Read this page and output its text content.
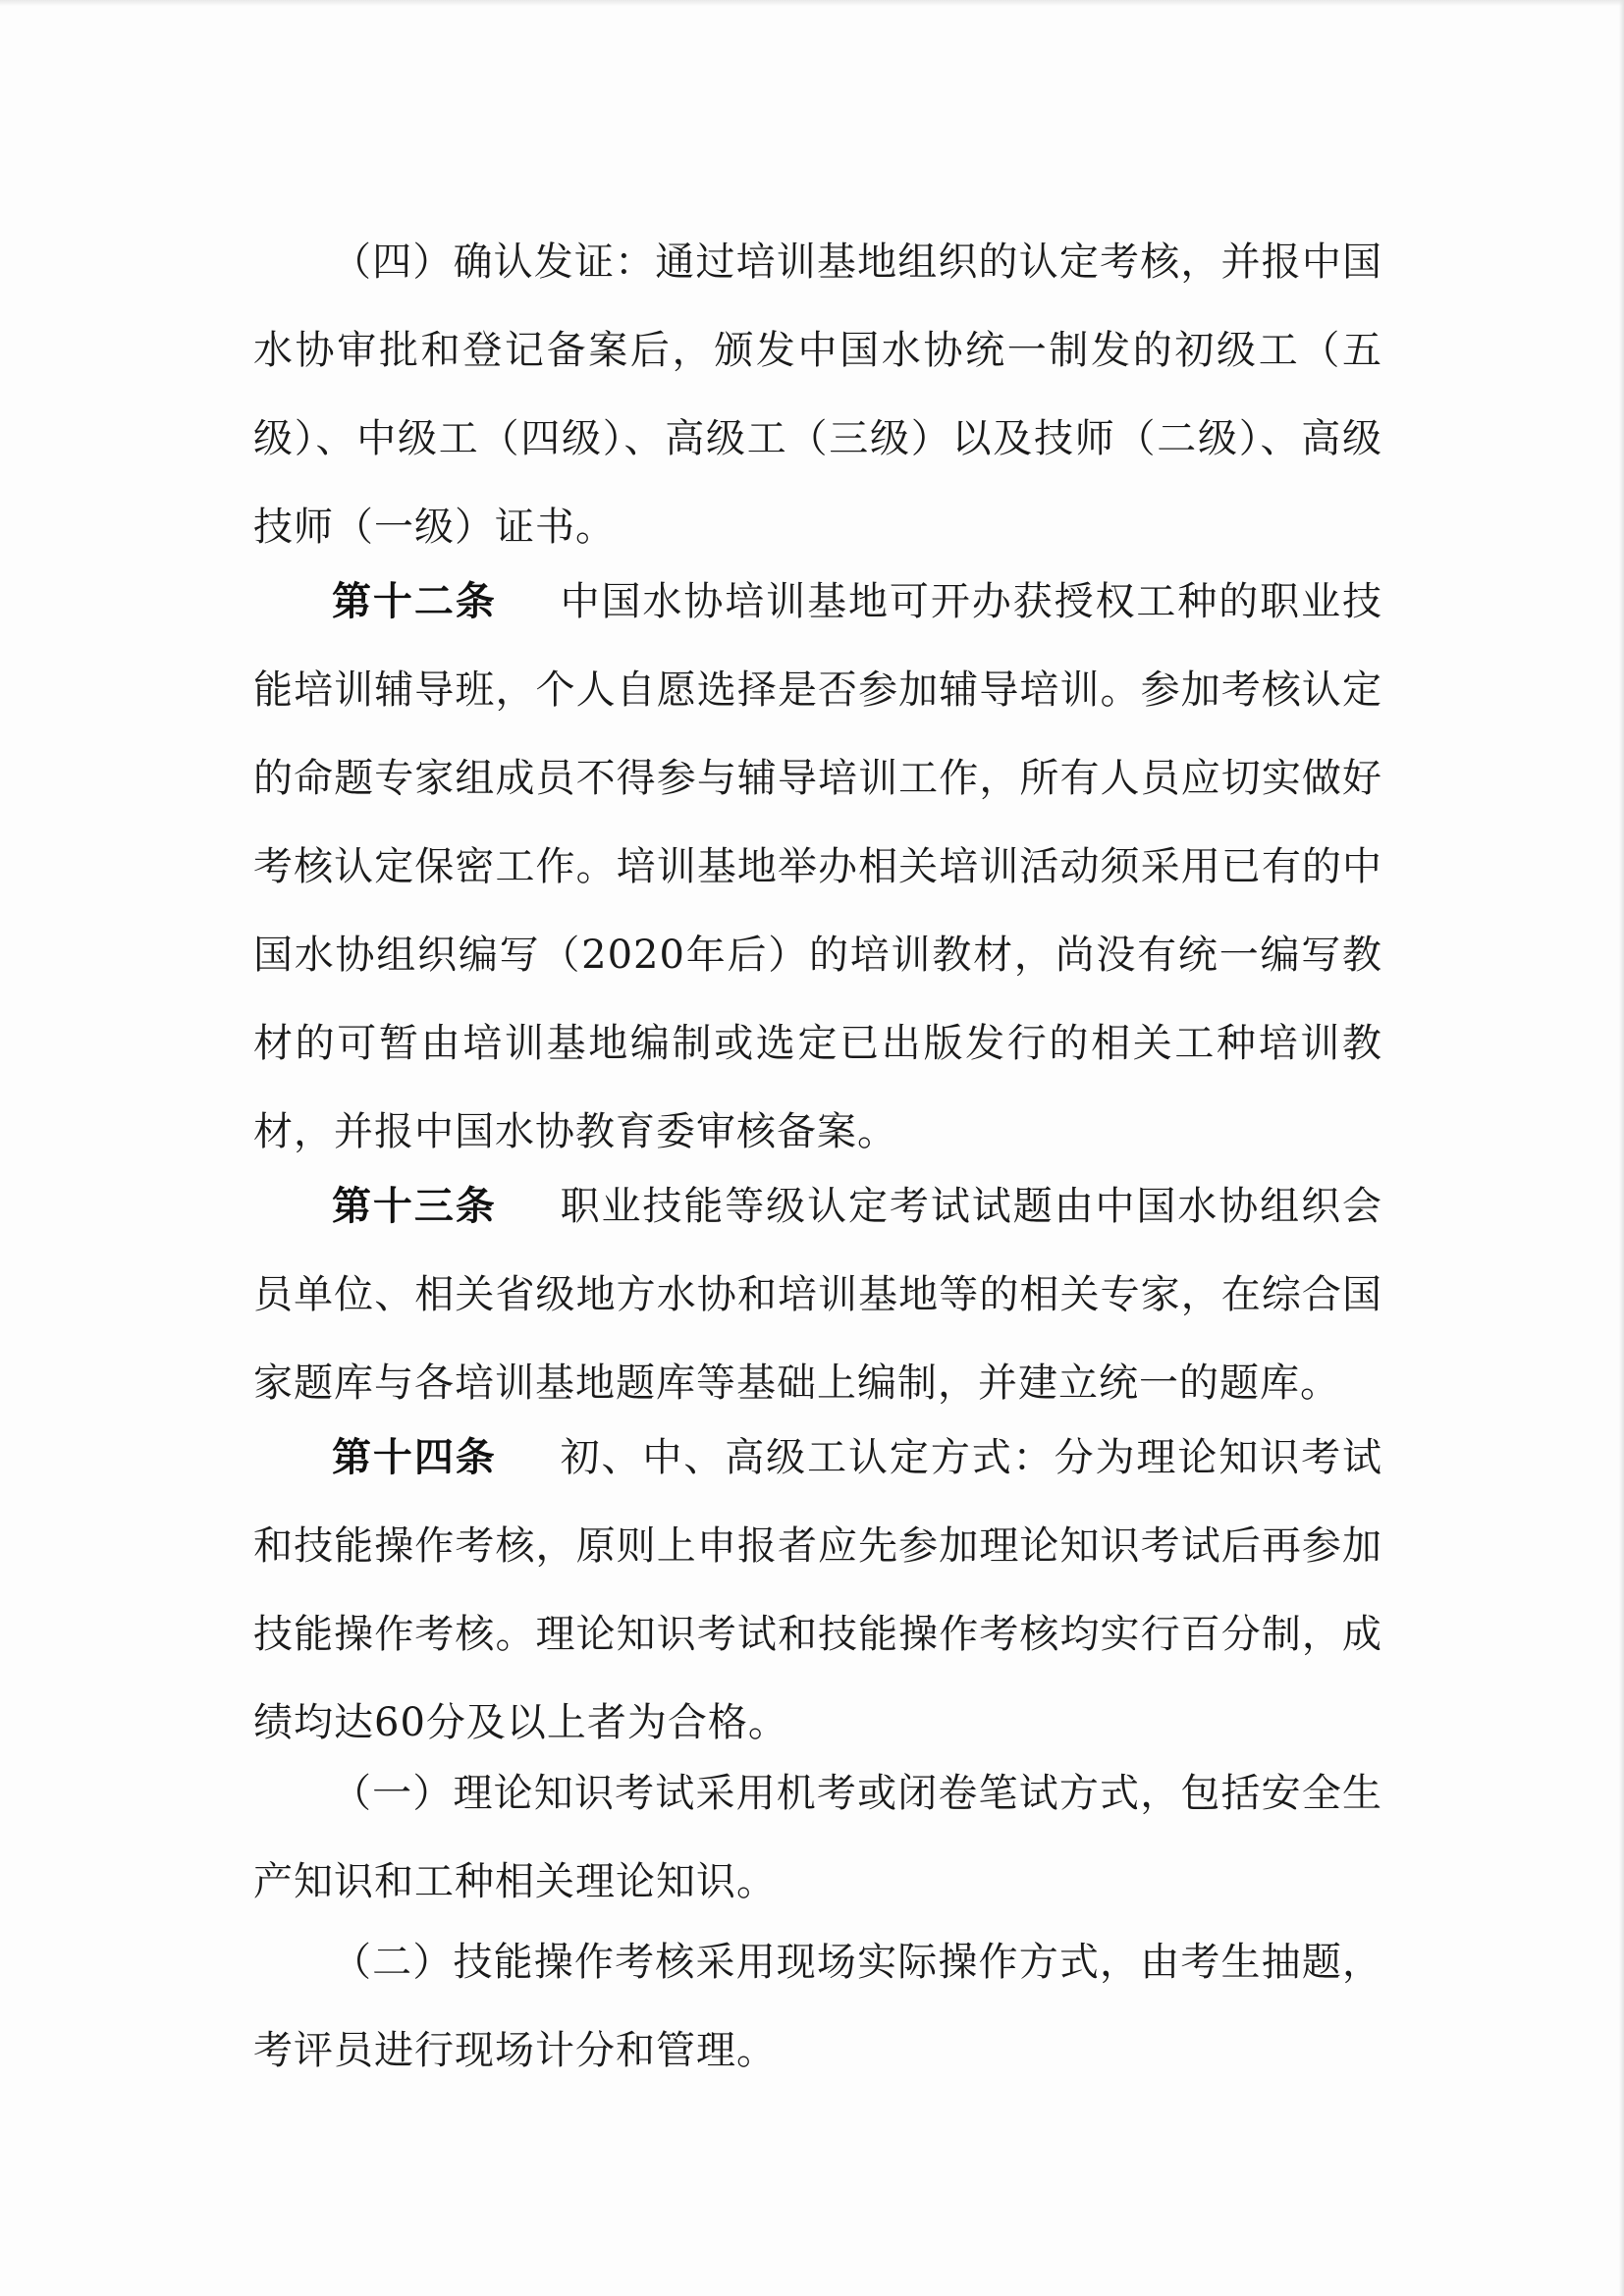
（四）确认发证：通过培训基地组织的认定考核，并报中国水协审批和登记备案后，颁发中国水协统一制发的初级工（五级）、中级工（四级）、高级工（三级）以及技师（二级）、高级技师（一级）证书。

第十二条 中国水协培训基地可开办获授权工种的职业技能培训辅导班，个人自愿选择是否参加辅导培训。参加考核认定的命题专家组成员不得参与辅导培训工作，所有人员应切实做好考核认定保密工作。培训基地举办相关培训活动须采用已有的中国水协组织编写（2020年后）的培训教材，尚没有统一编写教材的可暂由培训基地编制或选定已出版发行的相关工种培训教材，并报中国水协教育委审核备案。

第十三条 职业技能等级认定考试试题由中国水协组织会员单位、相关省级地方水协和培训基地等的相关专家，在综合国家题库与各培训基地题库等基础上编制，并建立统一的题库。

第十四条 初、中、高级工认定方式：分为理论知识考试和技能操作考核，原则上申报者应先参加理论知识考试后再参加技能操作考核。理论知识考试和技能操作考核均实行百分制，成绩均达60分及以上者为合格。

（一）理论知识考试采用机考或闭卷笔试方式，包括安全生产知识和工种相关理论知识。

（二）技能操作考核采用现场实际操作方式，由考生抽题，考评员进行现场计分和管理。
